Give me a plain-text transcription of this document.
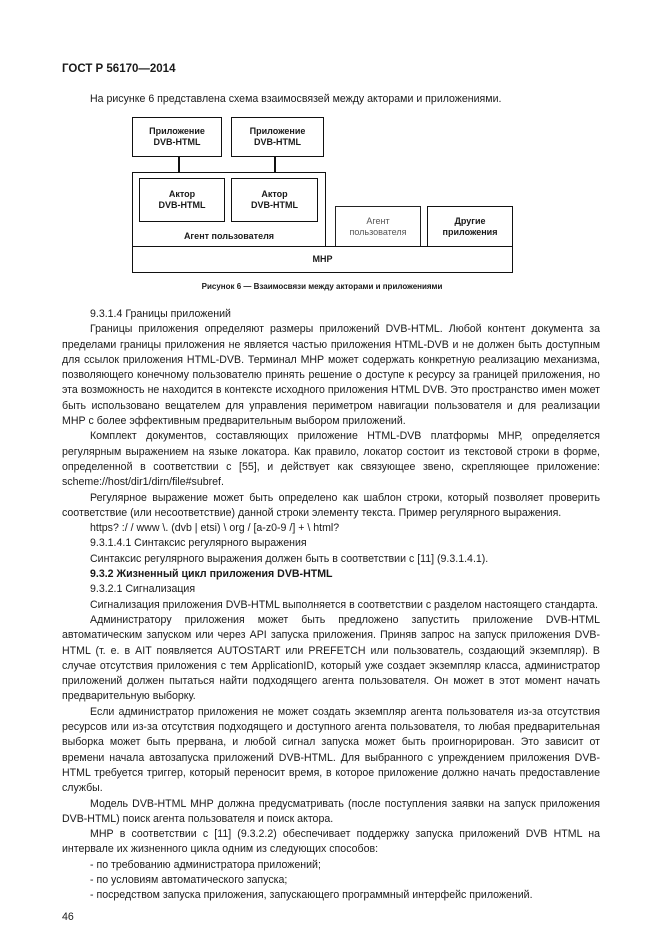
ГОСТ Р 56170—2014
На рисунке 6 представлена схема взаимосвязей между акторами и приложениями.
Приложение
DVB-HTML
Приложение
DVB-HTML
Агент пользователя
Актор
DVB-HTML
Актор
DVB-HTML
Агент
пользователя
Другие
приложения
МНР
Рисунок 6 — Взаимосвязи между акторами и приложениями

9.3.1.4 Границы приложений

Границы приложения определяют размеры приложений DVB-HTML. Любой контент документа за пределами границы приложения не является частью приложения HTML-DVB и не должен быть доступным для ссылок приложения HTML-DVB. Терминал МНР может содержать конкретную реализацию механизма, позволяющего конечному пользователю принять решение о доступе к ресурсу за границей приложения, но эта возможность не находится в контексте исходного приложения HTML DVB. Это пространство имен может быть использовано вещателем для управления периметром навигации пользователя и для реализации МНР с более эффективным предварительным выбором приложений.

Комплект документов, составляющих приложение HTML-DVB платформы МНР, определяется регулярным выражением на языке локатора. Как правило, локатор состоит из текстовой строки в форме, определенной в соответствии с [55], и действует как связующее звено, скрепляющее приложение: scheme://host/dir1/dirn/file#subref.

Регулярное выражение может быть определено как шаблон строки, который позволяет проверить соответствие (или несоответствие) данной строки элементу текста. Пример регулярного выражения.

https? :/ / www \. (dvb | etsi) \ org / [a-z0-9 /] + \ html?

9.3.1.4.1 Синтаксис регулярного выражения

Синтаксис регулярного выражения должен быть в соответствии с [11] (9.3.1.4.1).

9.3.2 Жизненный цикл приложения DVB-HTML

9.3.2.1 Сигнализация

Сигнализация приложения DVB-HTML выполняется в соответствии с разделом настоящего стандарта.

Администратору приложения может быть предложено запустить приложение DVB-HTML автоматическим запуском или через API запуска приложения. Приняв запрос на запуск приложения DVB-HTML (т. е. в AIT появляется AUTOSTART или PREFETCH или пользователь, создающий экземпляр). В случае отсутствия приложения с тем ApplicationID, который уже создает экземпляр класса, администратор приложений должен пытаться найти подходящего агента пользователя. Он может в этот момент начать предварительную выборку.

Если администратор приложения не может создать экземпляр агента пользователя из-за отсутствия ресурсов или из-за отсутствия подходящего и доступного агента пользователя, то любая предварительная выборка может быть прервана, и любой сигнал запуска может быть проигнорирован. Это зависит от времени начала автозапуска приложений DVB-HTML. Для выбранного с упреждением приложения DVB-HTML требуется триггер, который переносит время, в которое приложение должно начать предоставление службы.

Модель DVB-HTML МНР должна предусматривать (после поступления заявки на запуск приложения DVB-HTML) поиск агента пользователя и поиск актора.

МНР в соответствии с [11] (9.3.2.2) обеспечивает поддержку запуска приложений DVB HTML на интервале их жизненного цикла одним из следующих способов:

- по требованию администратора приложений;

- по условиям автоматического запуска;

- посредством запуска приложения, запускающего программный интерфейс приложений.

46
